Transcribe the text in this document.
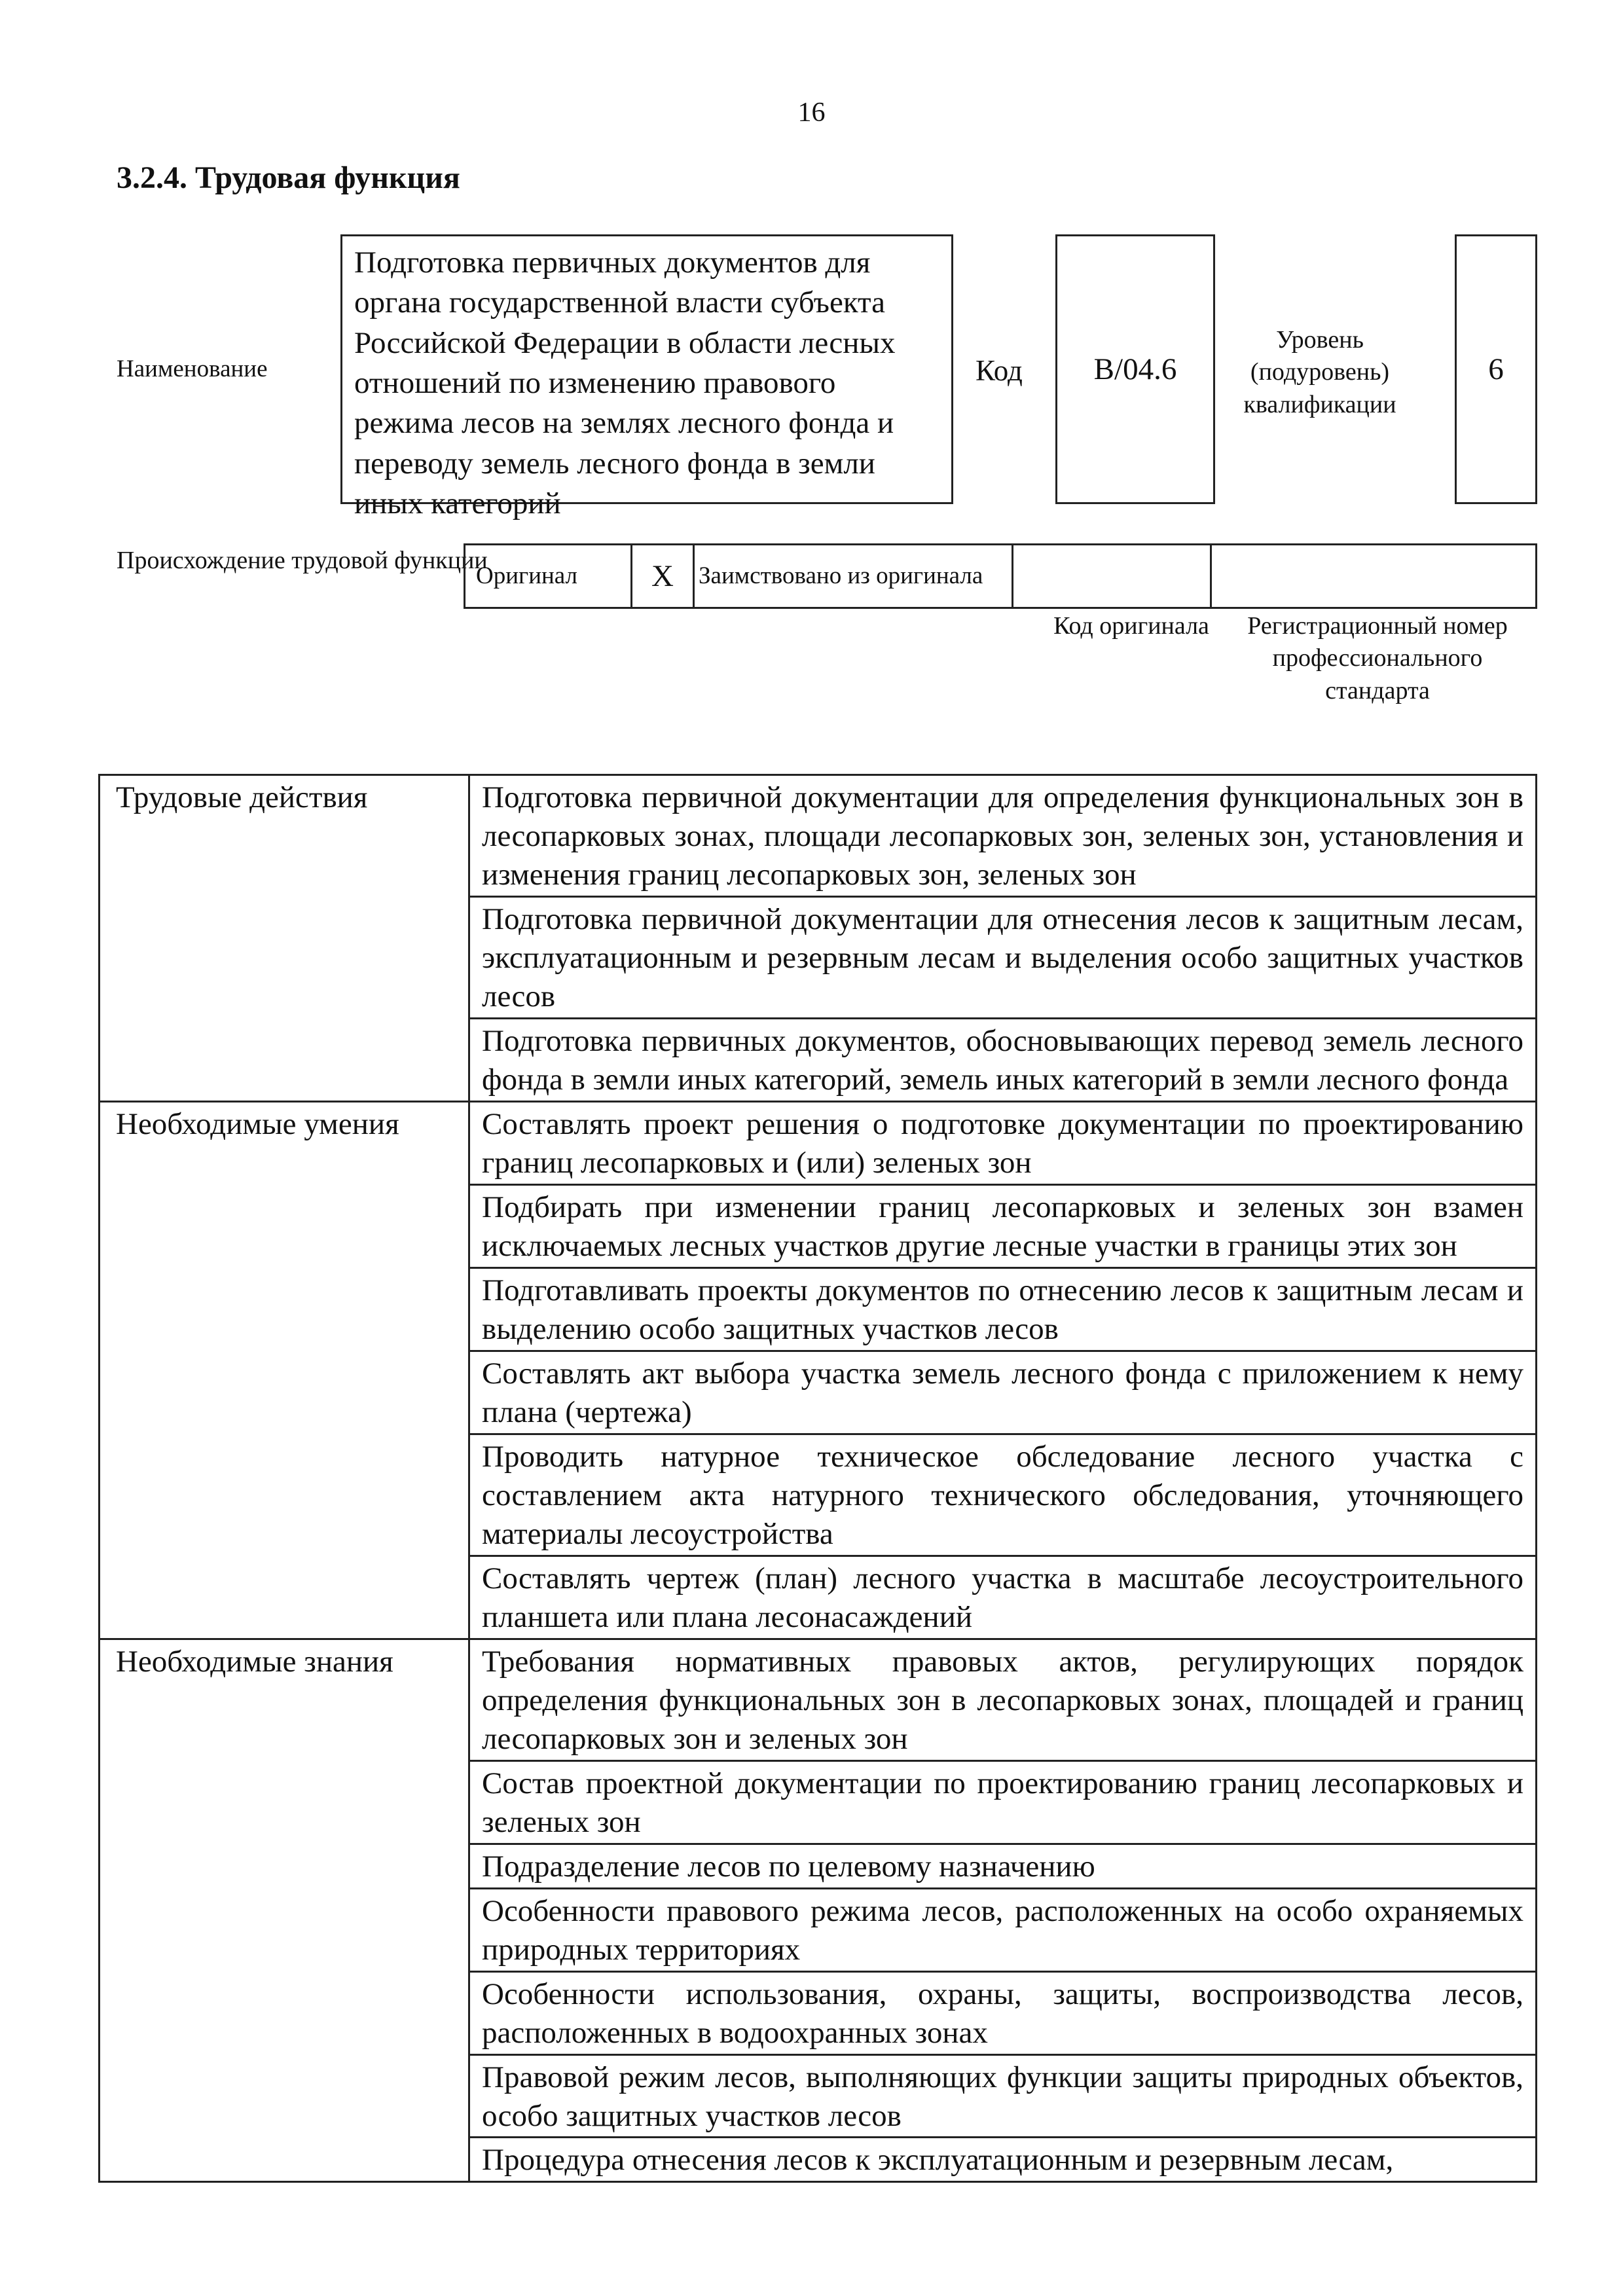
16
3.2.4. Трудовая функция
Наименование
Подготовка первичных документов для органа государственной власти субъекта Российской Федерации в области лесных отношений по изменению правового режима лесов на землях лесного фонда и переводу земель лесного фонда в земли иных категорий
Код	B/04.6
Уровень (подуровень) квалификации
6
Происхождение трудовой функции
Оригинал	X	Заимствовано из оригинала		
Код оригинала	Регистрационный номер профессионального стандарта
Трудовые действия	Подготовка первичной документации для определения функциональных зон в лесопарковых зонах, площади лесопарковых зон, зеленых зон, установления и изменения границ лесопарковых зон, зеленых зон
	Подготовка первичной документации для отнесения лесов к защитным лесам, эксплуатационным и резервным лесам и выделения особо защитных участков лесов
	Подготовка первичных документов, обосновывающих перевод земель лесного фонда в земли иных категорий, земель иных категорий в земли лесного фонда
Необходимые умения	Составлять проект решения о подготовке документации по проектированию границ лесопарковых и (или) зеленых зон
	Подбирать при изменении границ лесопарковых и зеленых зон взамен исключаемых лесных участков другие лесные участки в границы этих зон
	Подготавливать проекты документов по отнесению лесов к защитным лесам и выделению особо защитных участков лесов
	Составлять акт выбора участка земель лесного фонда с приложением к нему плана (чертежа)
	Проводить натурное техническое обследование лесного участка с составлением акта натурного технического обследования, уточняющего материалы лесоустройства
	Составлять чертеж (план) лесного участка в масштабе лесоустроительного планшета или плана лесонасаждений
Необходимые знания	Требования нормативных правовых актов, регулирующих порядок определения функциональных зон в лесопарковых зонах, площадей и границ лесопарковых зон и зеленых зон
	Состав проектной документации по проектированию границ лесопарковых и зеленых зон
	Подразделение лесов по целевому назначению
	Особенности правового режима лесов, расположенных на особо охраняемых природных территориях
	Особенности использования, охраны, защиты, воспроизводства лесов, расположенных в водоохранных зонах
	Правовой режим лесов, выполняющих функции защиты природных объектов, особо защитных участков лесов
	Процедура отнесения лесов к эксплуатационным и резервным лесам,
